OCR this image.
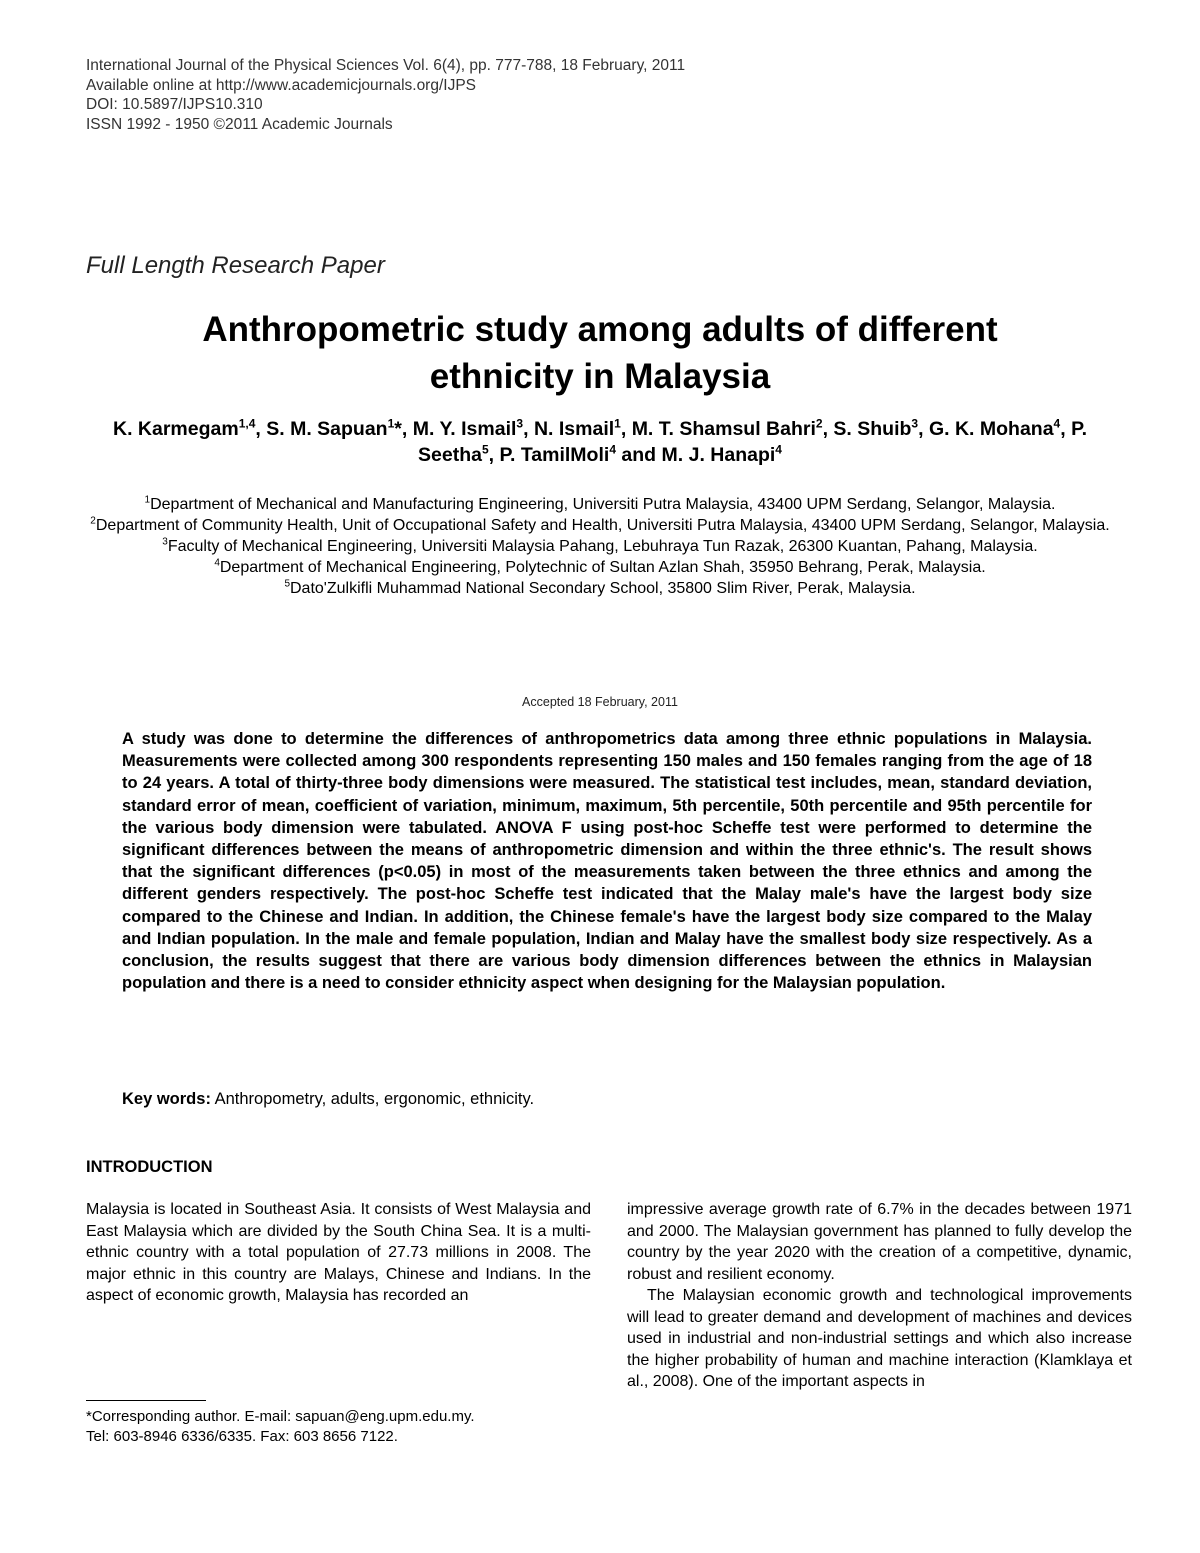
International Journal of the Physical Sciences Vol. 6(4), pp. 777-788, 18 February, 2011
Available online at http://www.academicjournals.org/IJPS
DOI: 10.5897/IJPS10.310
ISSN 1992 - 1950 ©2011 Academic Journals
Full Length Research Paper
Anthropometric study among adults of different
ethnicity in Malaysia
K. Karmegam$^{1,4}$, S. M. Sapuan$^1$*, M. Y. Ismail$^3$, N. Ismail$^1$, M. T. Shamsul Bahri$^2$, S. Shuib$^3$, G. K. Mohana$^4$, P. Seetha$^5$, P. TamilMoli$^4$ and M. J. Hanapi$^4$
$^1$Department of Mechanical and Manufacturing Engineering, Universiti Putra Malaysia, 43400 UPM Serdang, Selangor, Malaysia.
$^2$Department of Community Health, Unit of Occupational Safety and Health, Universiti Putra Malaysia, 43400 UPM Serdang, Selangor, Malaysia.
$^3$Faculty of Mechanical Engineering, Universiti Malaysia Pahang, Lebuhraya Tun Razak, 26300 Kuantan, Pahang, Malaysia.
$^4$Department of Mechanical Engineering, Polytechnic of Sultan Azlan Shah, 35950 Behrang, Perak, Malaysia.
$^5$Dato'Zulkifli Muhammad National Secondary School, 35800 Slim River, Perak, Malaysia.
Accepted 18 February, 2011
A study was done to determine the differences of anthropometrics data among three ethnic populations in Malaysia. Measurements were collected among 300 respondents representing 150 males and 150 females ranging from the age of 18 to 24 years. A total of thirty-three body dimensions were measured. The statistical test includes, mean, standard deviation, standard error of mean, coefficient of variation, minimum, maximum, 5th percentile, 50th percentile and 95th percentile for the various body dimension were tabulated. ANOVA F using post-hoc Scheffe test were performed to determine the significant differences between the means of anthropometric dimension and within the three ethnic's. The result shows that the significant differences (p<0.05) in most of the measurements taken between the three ethnics and among the different genders respectively. The post-hoc Scheffe test indicated that the Malay male's have the largest body size compared to the Chinese and Indian. In addition, the Chinese female's have the largest body size compared to the Malay and Indian population. In the male and female population, Indian and Malay have the smallest body size respectively. As a conclusion, the results suggest that there are various body dimension differences between the ethnics in Malaysian population and there is a need to consider ethnicity aspect when designing for the Malaysian population.
Key words: Anthropometry, adults, ergonomic, ethnicity.
INTRODUCTION

Malaysia is located in Southeast Asia. It consists of West Malaysia and East Malaysia which are divided by the South China Sea. It is a multi-ethnic country with a total population of 27.73 millions in 2008. The major ethnic in this country are Malays, Chinese and Indians. In the aspect of economic growth, Malaysia has recorded an

impressive average growth rate of 6.7% in the decades between 1971 and 2000. The Malaysian government has planned to fully develop the country by the year 2020 with the creation of a competitive, dynamic, robust and resilient economy.

The Malaysian economic growth and technological improvements will lead to greater demand and development of machines and devices used in industrial and non-industrial settings and which also increase the higher probability of human and machine interaction (Klamklaya et al., 2008). One of the important aspects in

*Corresponding author. E-mail: sapuan@eng.upm.edu.my.
Tel: 603-8946 6336/6335. Fax: 603 8656 7122.
